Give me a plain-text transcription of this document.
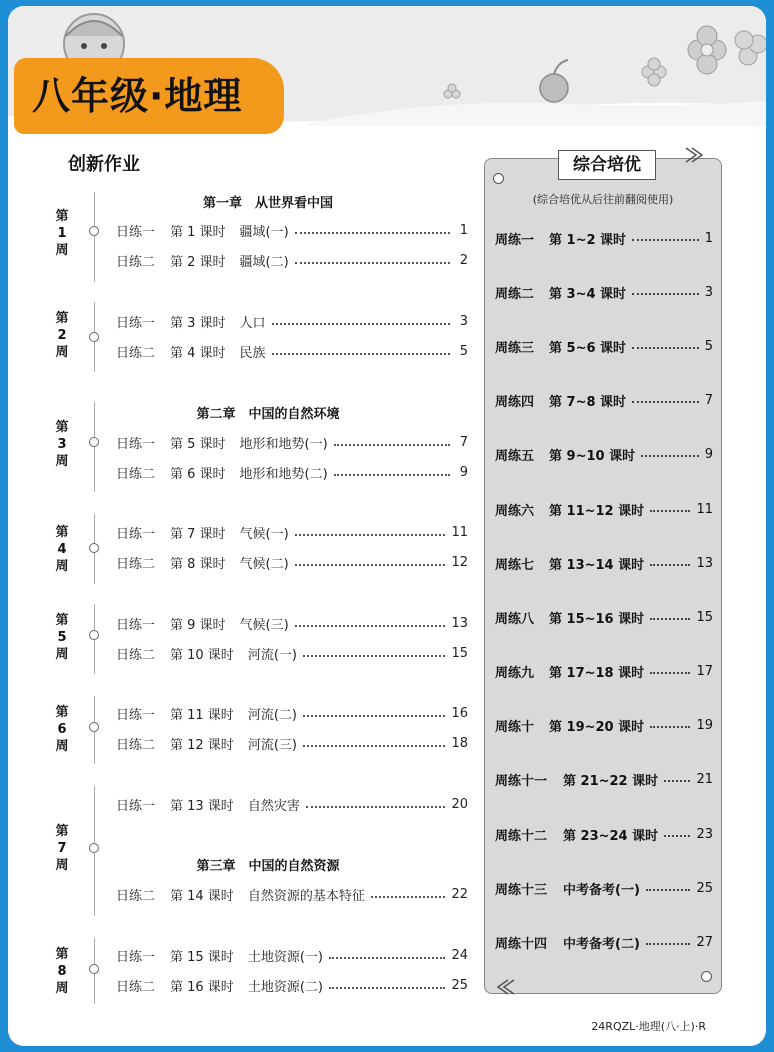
八年级·地理
创新作业
第一章　从世界看中国
第二章　中国的自然环境
第三章　中国的自然资源
第
1
周
第
2
周
第
3
周
第
4
周
第
5
周
第
6
周
第
7
周
第
8
周
日练一	第 1 课时 疆域(一)	1
日练二	第 2 课时 疆域(二)	2
日练一	第 3 课时 人口	3
日练二	第 4 课时 民族	5
日练一	第 5 课时 地形和地势(一)	7
日练二	第 6 课时 地形和地势(二)	9
日练一	第 7 课时 气候(一)	11
日练二	第 8 课时 气候(二)	12
日练一	第 9 课时 气候(三)	13
日练二	第 10 课时 河流(一)	15
日练一	第 11 课时 河流(二)	16
日练二	第 12 课时 河流(三)	18
日练一	第 13 课时 自然灾害	20
日练二	第 14 课时 自然资源的基本特征	22
日练一	第 15 课时 土地资源(一)	24
日练二	第 16 课时 土地资源(二)	25
(综合培优从后往前翻阅使用)
周练一	第 1~2 课时	1
周练二	第 3~4 课时	3
周练三	第 5~6 课时	5
周练四	第 7~8 课时	7
周练五	第 9~10 课时	9
周练六	第 11~12 课时	11
周练七	第 13~14 课时	13
周练八	第 15~16 课时	15
周练九	第 17~18 课时	17
周练十	第 19~20 课时	19
周练十一	第 21~22 课时	21
周练十二	第 23~24 课时	23
周练十三	中考备考(一)	25
周练十四	中考备考(二)	27
综合培优
24RQZL·地理(八·上)·R
